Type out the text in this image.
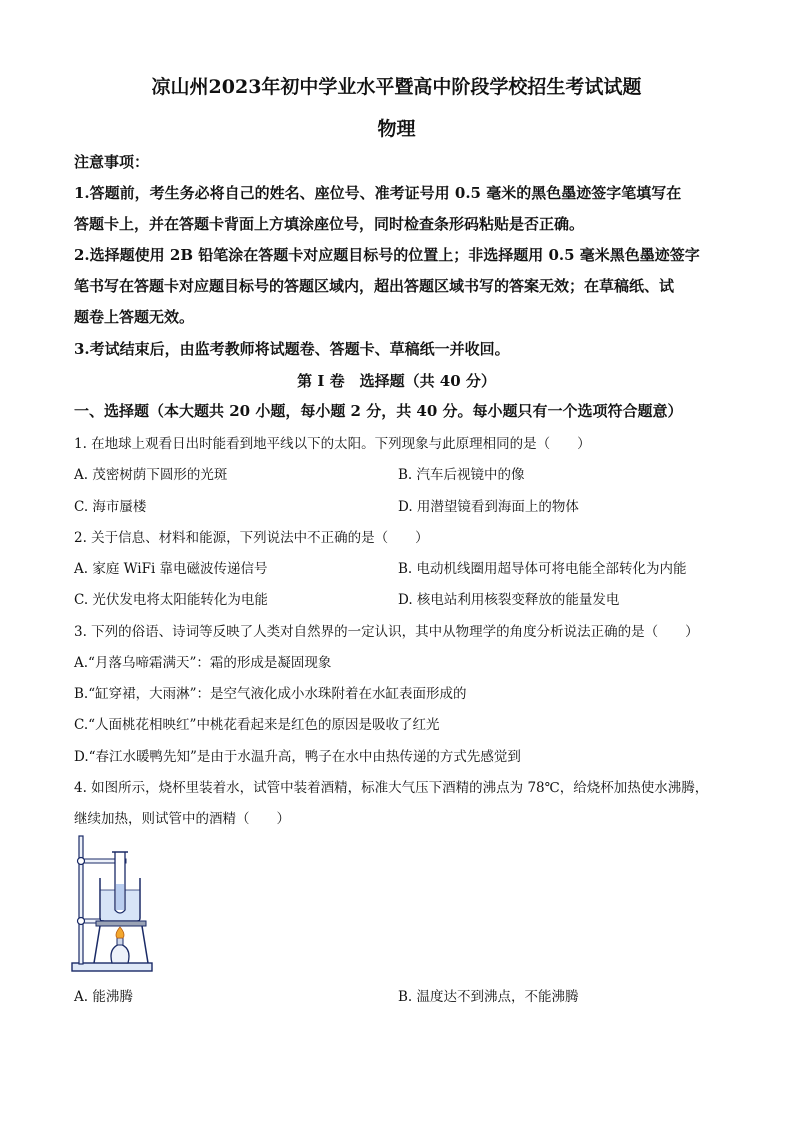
凉山州2023年初中学业水平暨高中阶段学校招生考试试题
物理
注意事项：
1.答题前，考生务必将自己的姓名、座位号、准考证号用 0.5 毫米的黑色墨迹签字笔填写在
答题卡上，并在答题卡背面上方填涂座位号，同时检查条形码粘贴是否正确。
2.选择题使用 2B 铅笔涂在答题卡对应题目标号的位置上；非选择题用 0.5 毫米黑色墨迹签字
笔书写在答题卡对应题目标号的答题区域内，超出答题区域书写的答案无效；在草稿纸、试
题卷上答题无效。
3.考试结束后，由监考教师将试题卷、答题卡、草稿纸一并收回。
第 I 卷　选择题（共 40 分）
一、选择题（本大题共 20 小题，每小题 2 分，共 40 分。每小题只有一个选项符合题意）
1. 在地球上观看日出时能看到地平线以下的太阳。下列现象与此原理相同的是（　　）
A. 茂密树荫下圆形的光斑	B. 汽车后视镜中的像
C. 海市蜃楼	D. 用潜望镜看到海面上的物体
2. 关于信息、材料和能源，下列说法中不正确的是（　　）
A. 家庭 WiFi 靠电磁波传递信号	B. 电动机线圈用超导体可将电能全部转化为内能
C. 光伏发电将太阳能转化为电能	D. 核电站利用核裂变释放的能量发电
3. 下列的俗语、诗词等反映了人类对自然界的一定认识，其中从物理学的角度分析说法正确的是（　　）
A.“月落乌啼霜满天”：霜的形成是凝固现象
B.“缸穿裙，大雨淋”：是空气液化成小水珠附着在水缸表面形成的
C.“人面桃花相映红”中桃花看起来是红色的原因是吸收了红光
D.“春江水暖鸭先知”是由于水温升高，鸭子在水中由热传递的方式先感觉到
4. 如图所示，烧杯里装着水，试管中装着酒精，标准大气压下酒精的沸点为 78℃，给烧杯加热使水沸腾，
继续加热，则试管中的酒精（　　）
A. 能沸腾	B. 温度达不到沸点，不能沸腾
